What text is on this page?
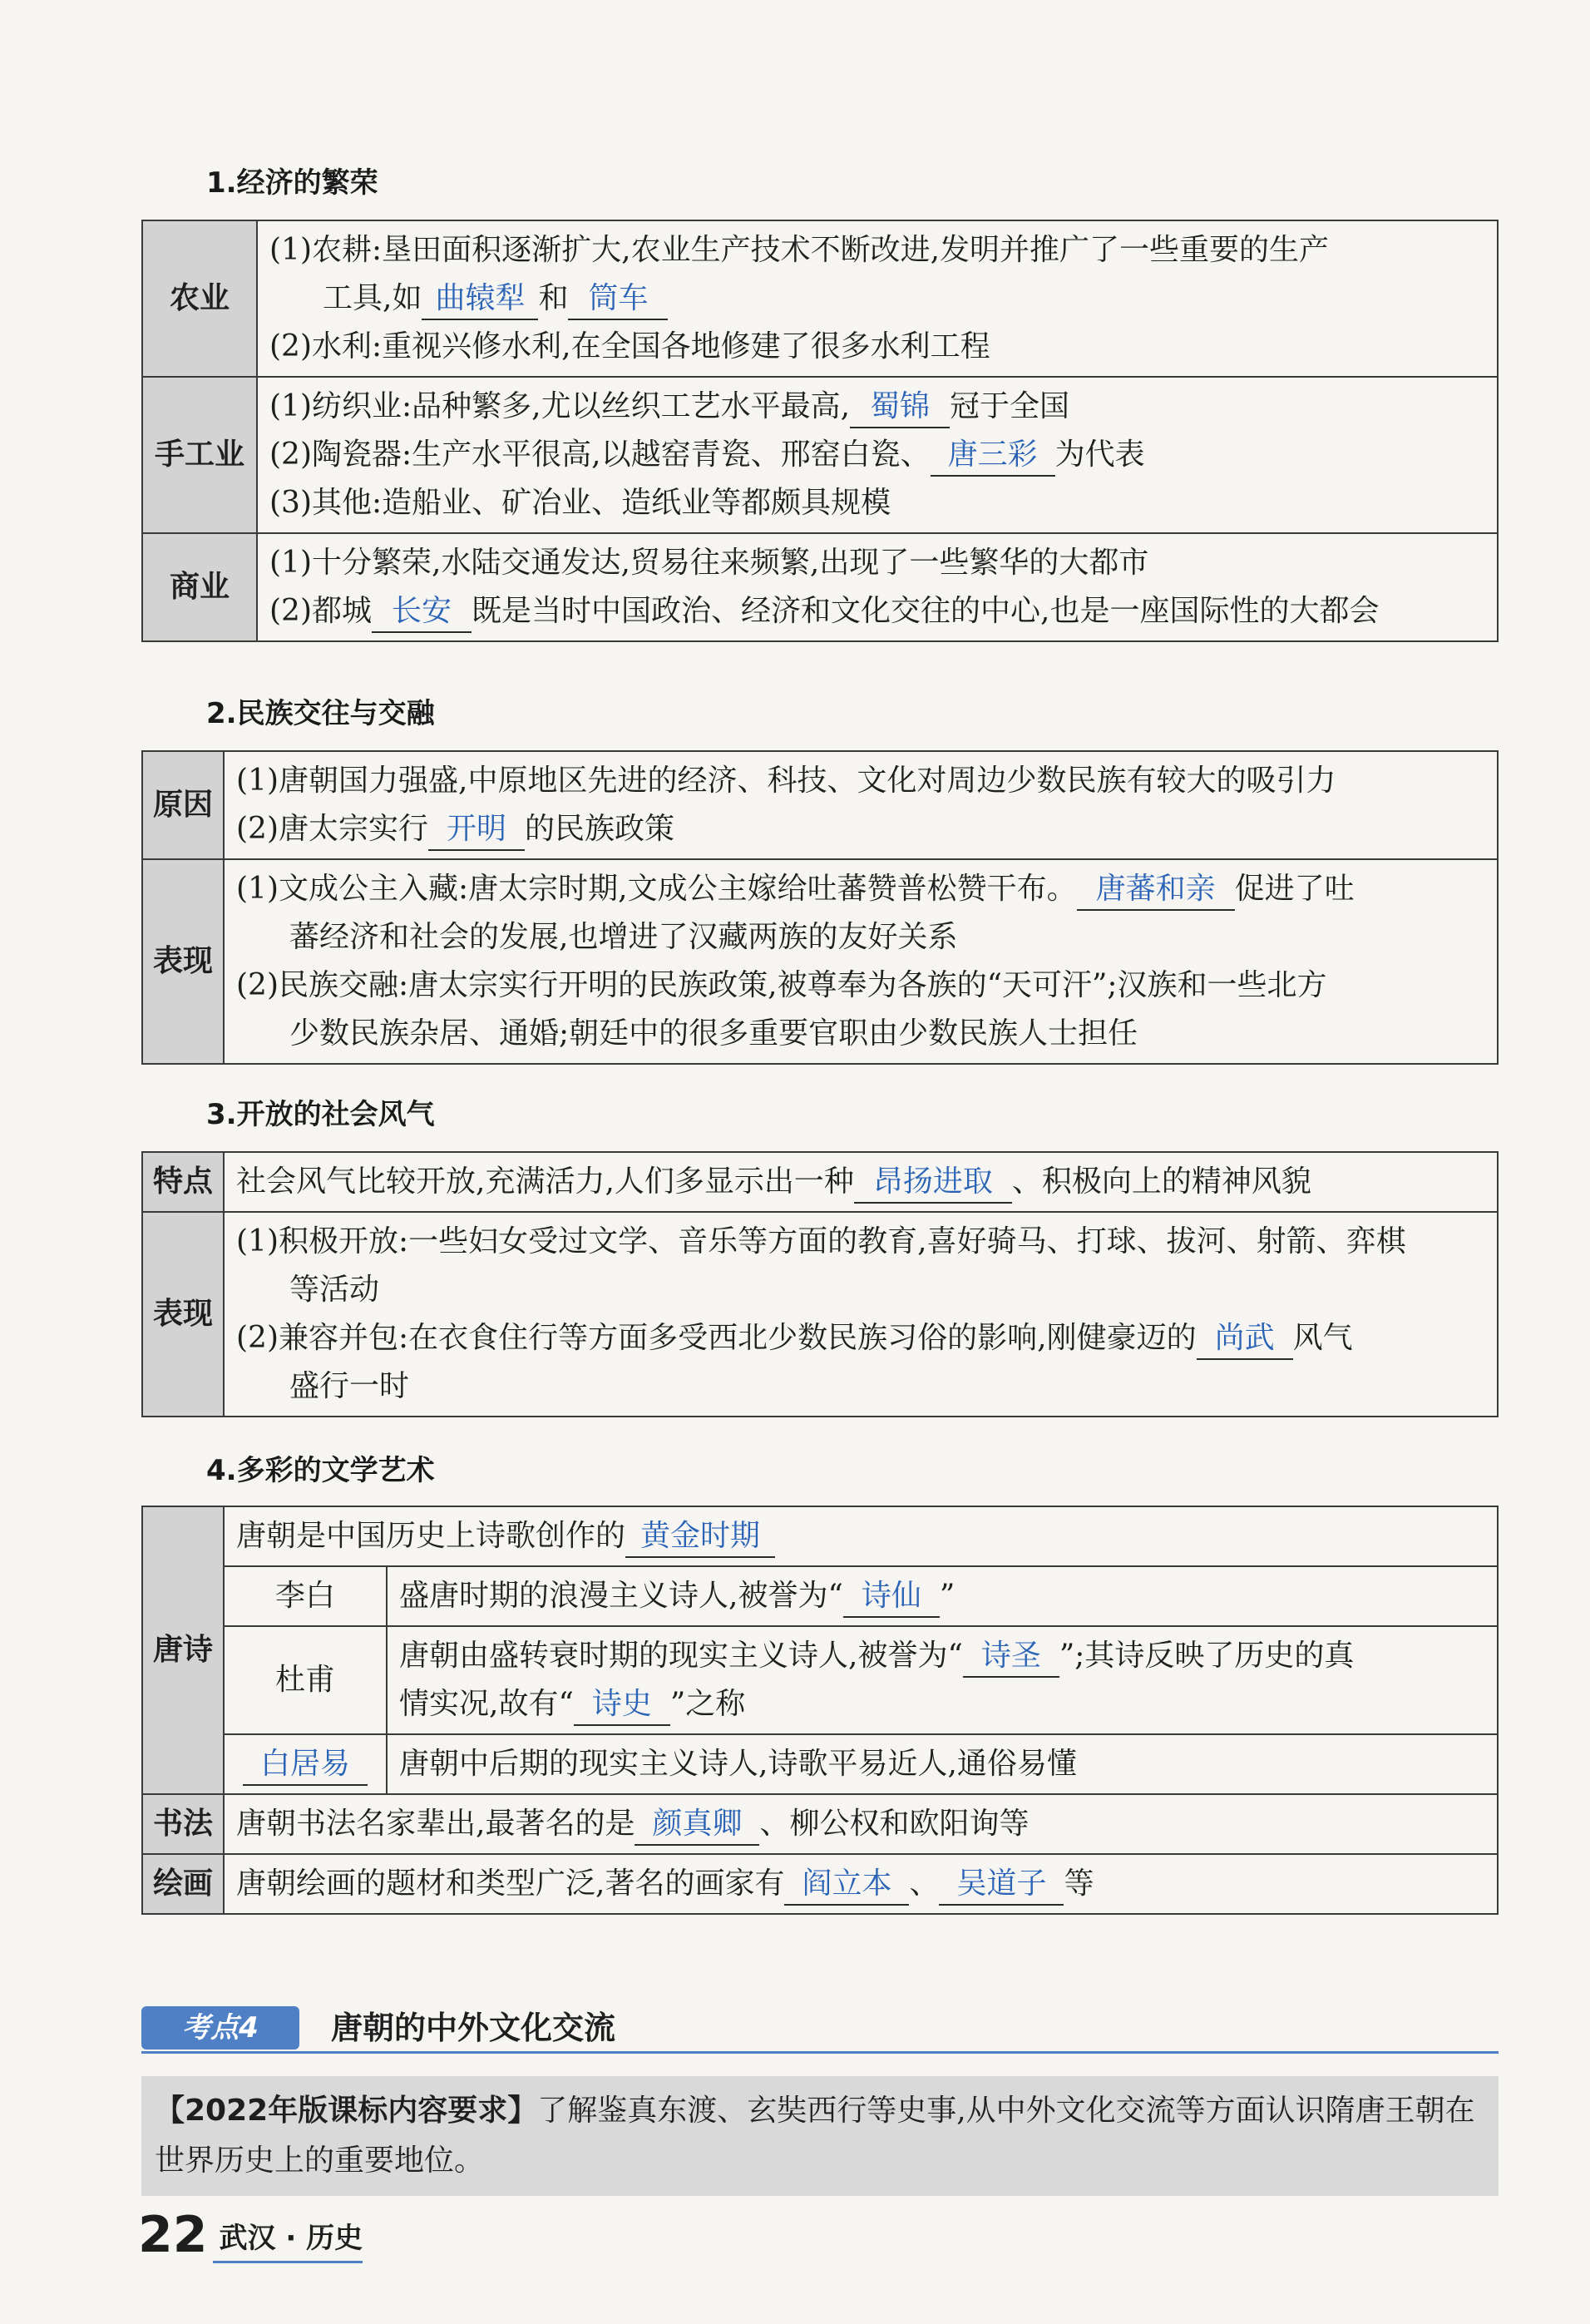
1.经济的繁荣
农业	(1)农耕:垦田面积逐渐扩大,农业生产技术不断改进,发明并推广了一些重要的生产
工具,如 曲辕犁 和 筒车
(2)水利:重视兴修水利,在全国各地修建了很多水利工程

手工业	(1)纺织业:品种繁多,尤以丝织工艺水平最高, 蜀锦 冠于全国
(2)陶瓷器:生产水平很高,以越窑青瓷、邢窑白瓷、 唐三彩 为代表
(3)其他:造船业、矿冶业、造纸业等都颇具规模

商业	(1)十分繁荣,水陆交通发达,贸易往来频繁,出现了一些繁华的大都市
(2)都城 长安 既是当时中国政治、经济和文化交往的中心,也是一座国际性的大都会
2.民族交往与交融
原因	(1)唐朝国力强盛,中原地区先进的经济、科技、文化对周边少数民族有较大的吸引力
(2)唐太宗实行 开明 的民族政策

表现	(1)文成公主入藏:唐太宗时期,文成公主嫁给吐蕃赞普松赞干布。 唐蕃和亲 促进了吐
蕃经济和社会的发展,也增进了汉藏两族的友好关系
(2)民族交融:唐太宗实行开明的民族政策,被尊奉为各族的“天可汗”;汉族和一些北方
少数民族杂居、通婚;朝廷中的很多重要官职由少数民族人士担任
3.开放的社会风气
特点	社会风气比较开放,充满活力,人们多显示出一种 昂扬进取 、积极向上的精神风貌

表现	(1)积极开放:一些妇女受过文学、音乐等方面的教育,喜好骑马、打球、拔河、射箭、弈棋
等活动
(2)兼容并包:在衣食住行等方面多受西北少数民族习俗的影响,刚健豪迈的 尚武 风气
盛行一时
4.多彩的文学艺术
唐诗	唐朝是中国历史上诗歌创作的 黄金时期	
	李白	盛唐时期的浪漫主义诗人,被誉为“ 诗仙 ”
	杜甫	唐朝由盛转衰时期的现实主义诗人,被誉为“ 诗圣 ”;其诗反映了历史的真
情实况,故有“ 诗史 ”之称

	白居易	唐朝中后期的现实主义诗人,诗歌平易近人,通俗易懂
书法	唐朝书法名家辈出,最著名的是 颜真卿 、柳公权和欧阳询等	
绘画	唐朝绘画的题材和类型广泛,著名的画家有 阎立本 、 吴道子 等	
考点4	唐朝的中外文化交流
【2022年版课标内容要求】了解鉴真东渡、玄奘西行等史事,从中外文化交流等方面认识隋唐王朝在世界历史上的重要地位。
22 武汉 · 历史
